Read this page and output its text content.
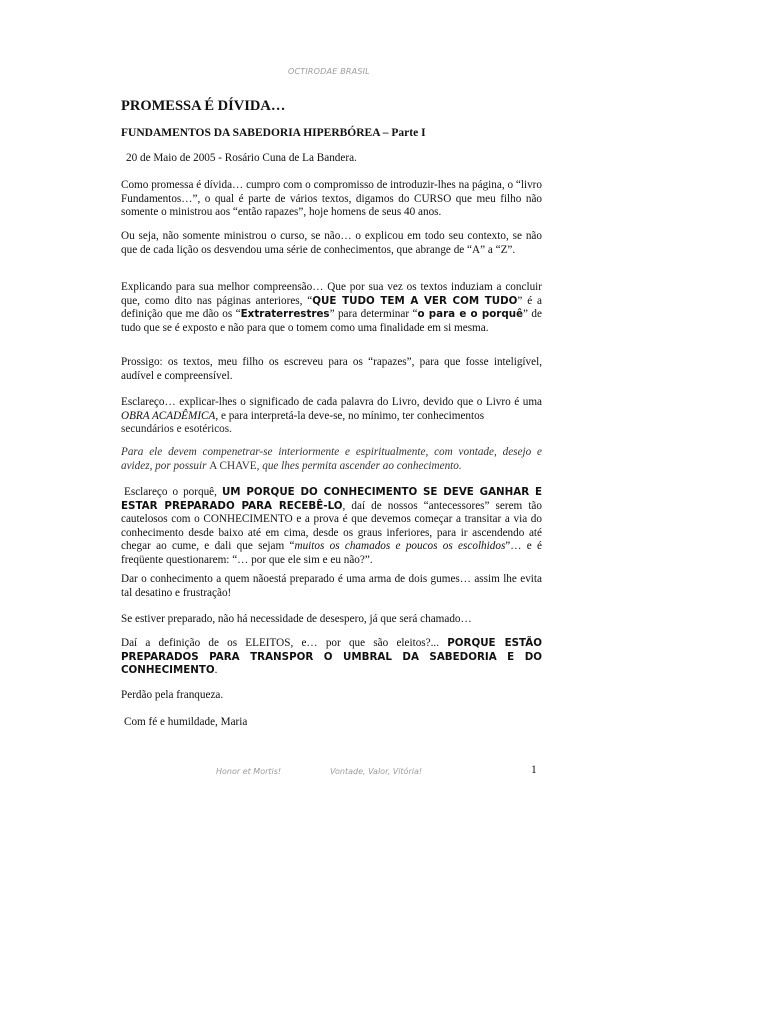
OCTIRODAE BRASIL
PROMESSA É DÍVIDA…
FUNDAMENTOS DA SABEDORIA HIPERBÓREA – Parte I
20 de Maio de 2005 - Rosário Cuna de La Bandera.
Como promessa é dívida… cumpro com o compromisso de introduzir-lhes na página, o “livro Fundamentos…”, o qual é parte de vários textos, digamos do CURSO que meu filho não somente o ministrou aos “então rapazes”, hoje homens de seus 40 anos.
Ou seja, não somente ministrou o curso, se não… o explicou em todo seu contexto, se não que de cada lição os desvendou uma série de conhecimentos, que abrange de “A” a “Z”.
Explicando para sua melhor compreensão… Que por sua vez os textos induziam a concluir que, como dito nas páginas anteriores, “QUE TUDO TEM A VER COM TUDO” é a definição que me dão os “Extraterrestres” para determinar “o para e o porquê” de tudo que se é exposto e não para que o tomem como uma finalidade em si mesma.
Prossigo: os textos, meu filho os escreveu para os “rapazes”, para que fosse inteligível, audível e compreensível.
Esclareço… explicar-lhes o significado de cada palavra do Livro, devido que o Livro é uma OBRA ACADÊMICA, e para interpretá-la deve-se, no mínimo, ter conhecimentos
secundários e esotéricos.
Para ele devem compenetrar-se interiormente e espiritualmente, com vontade, desejo e avidez, por possuir A CHAVE, que lhes permita ascender ao conhecimento.
Esclareço o porquê, UM PORQUE DO CONHECIMENTO SE DEVE GANHAR E ESTAR PREPARADO PARA RECEBÊ-LO, daí de nossos “antecessores” serem tão cautelosos com o CONHECIMENTO e a prova é que devemos começar a transitar a via do conhecimento desde baixo até em cima, desde os graus inferiores, para ir ascendendo até chegar ao cume, e dali que sejam “muitos os chamados e poucos os escolhidos”… e é freqüente questionarem: “… por que ele sim e eu não?”.
Dar o conhecimento a quem nãoestá preparado é uma arma de dois gumes… assim lhe evita tal desatino e frustração!
Se estiver preparado, não há necessidade de desespero, já que será chamado…
Daí a definição de os ELEITOS, e… por que são eleitos?... PORQUE ESTÃO PREPARADOS PARA TRANSPOR O UMBRAL DA SABEDORIA E DO CONHECIMENTO.
Perdão pela franqueza.
Com fé e humildade, Maria
Honor et Mortis!	Vontade, Valor, Vitória!	1
